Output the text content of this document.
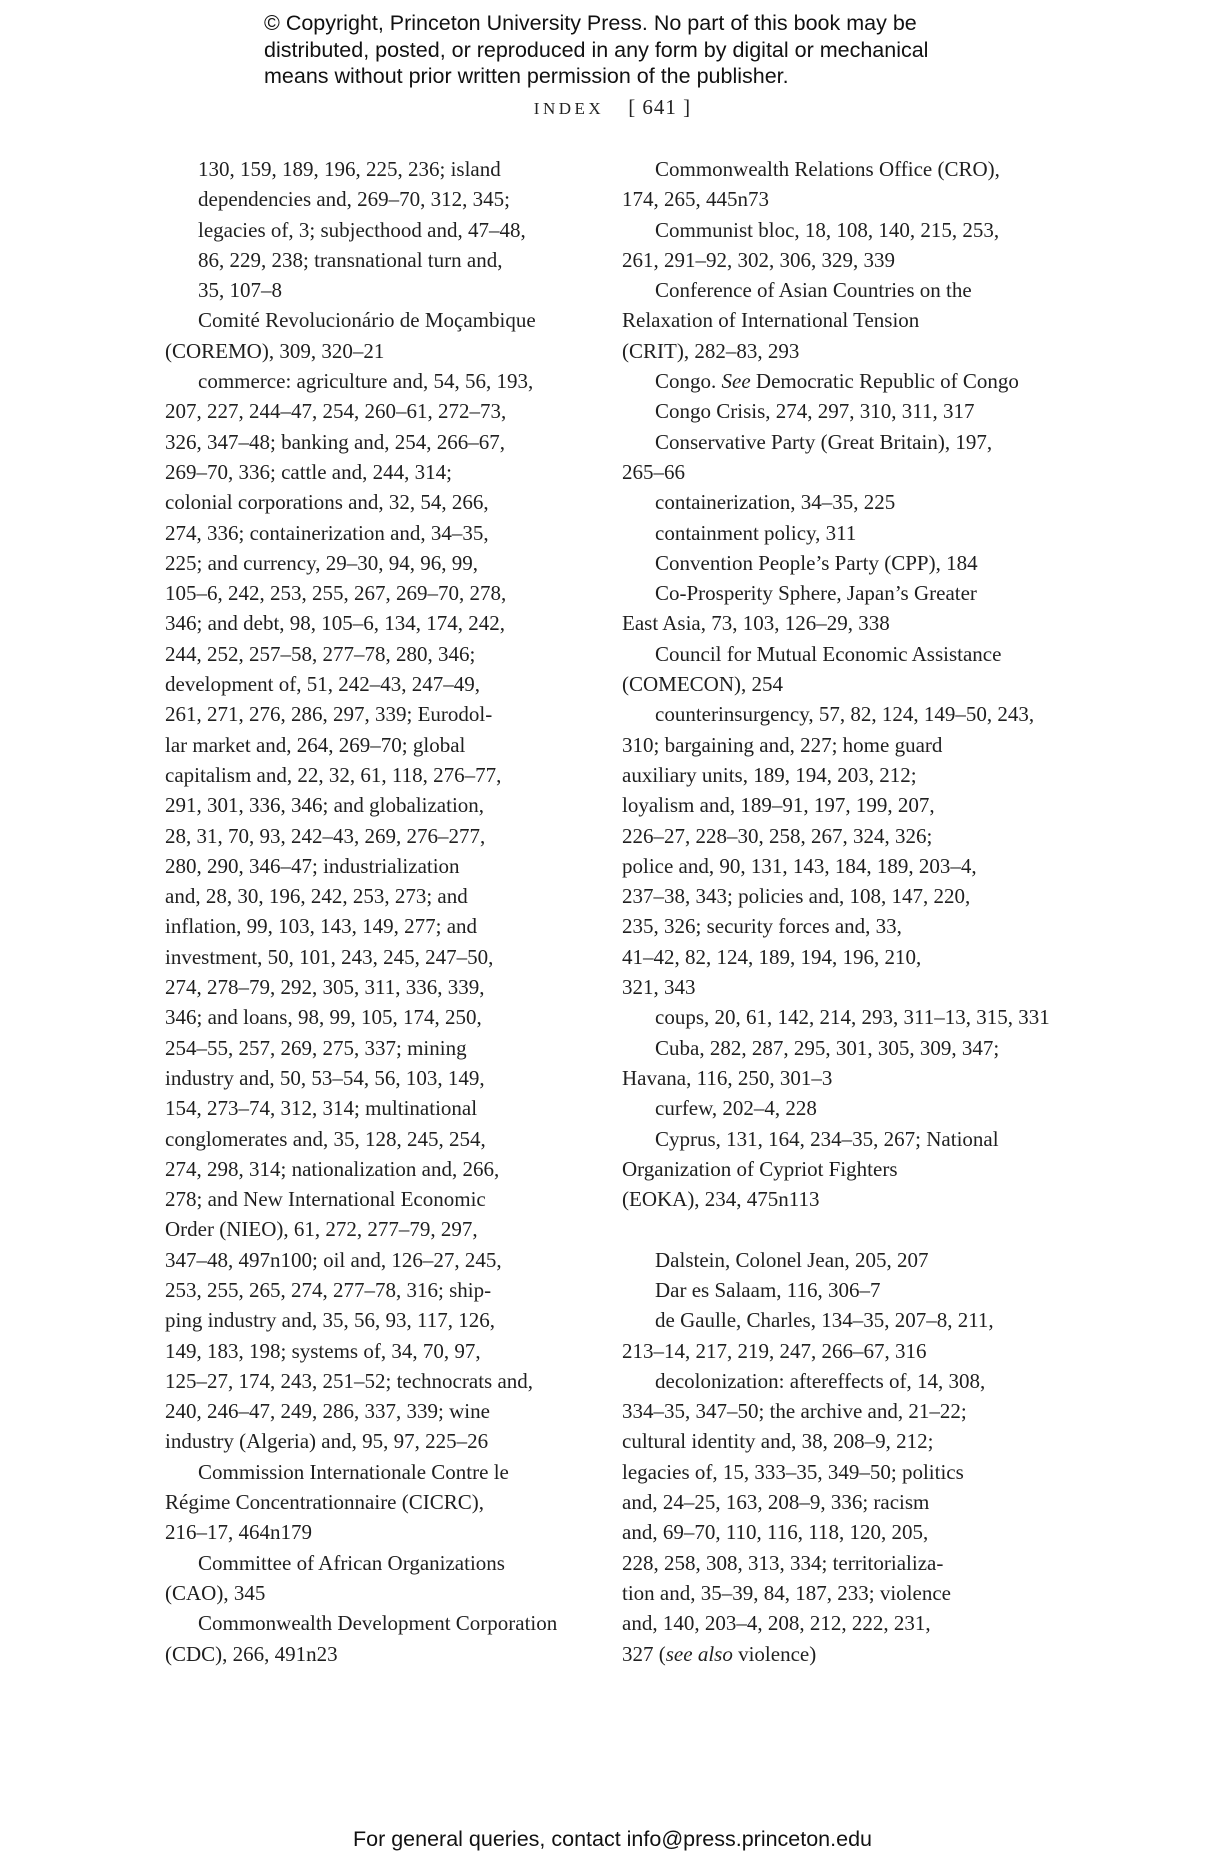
© Copyright, Princeton University Press. No part of this book may be
distributed, posted, or reproduced in any form by digital or mechanical
means without prior written permission of the publisher.
INDEX [ 641 ]
130, 159, 189, 196, 225, 236; island
dependencies and, 269–70, 312, 345;
legacies of, 3; subjecthood and, 47–48,
86, 229, 238; transnational turn and,
35, 107–8
Comité Revolucionário de Moçambique
(COREMO), 309, 320–21
commerce: agriculture and, 54, 56, 193,
207, 227, 244–47, 254, 260–61, 272–73,
326, 347–48; banking and, 254, 266–67,
269–70, 336; cattle and, 244, 314;
colonial corporations and, 32, 54, 266,
274, 336; containerization and, 34–35,
225; and currency, 29–30, 94, 96, 99,
105–6, 242, 253, 255, 267, 269–70, 278,
346; and debt, 98, 105–6, 134, 174, 242,
244, 252, 257–58, 277–78, 280, 346;
development of, 51, 242–43, 247–49,
261, 271, 276, 286, 297, 339; Eurodol-
lar market and, 264, 269–70; global
capitalism and, 22, 32, 61, 118, 276–77,
291, 301, 336, 346; and globalization,
28, 31, 70, 93, 242–43, 269, 276–277,
280, 290, 346–47; industrialization
and, 28, 30, 196, 242, 253, 273; and
inflation, 99, 103, 143, 149, 277; and
investment, 50, 101, 243, 245, 247–50,
274, 278–79, 292, 305, 311, 336, 339,
346; and loans, 98, 99, 105, 174, 250,
254–55, 257, 269, 275, 337; mining
industry and, 50, 53–54, 56, 103, 149,
154, 273–74, 312, 314; multinational
conglomerates and, 35, 128, 245, 254,
274, 298, 314; nationalization and, 266,
278; and New International Economic
Order (NIEO), 61, 272, 277–79, 297,
347–48, 497n100; oil and, 126–27, 245,
253, 255, 265, 274, 277–78, 316; ship-
ping industry and, 35, 56, 93, 117, 126,
149, 183, 198; systems of, 34, 70, 97,
125–27, 174, 243, 251–52; technocrats and,
240, 246–47, 249, 286, 337, 339; wine
industry (Algeria) and, 95, 97, 225–26
Commission Internationale Contre le
Régime Concentrationnaire (CICRC),
216–17, 464n179
Committee of African Organizations
(CAO), 345
Commonwealth Development Corporation
(CDC), 266, 491n23
Commonwealth Relations Office (CRO),
174, 265, 445n73
Communist bloc, 18, 108, 140, 215, 253,
261, 291–92, 302, 306, 329, 339
Conference of Asian Countries on the
Relaxation of International Tension
(CRIT), 282–83, 293
Congo. See Democratic Republic of Congo
Congo Crisis, 274, 297, 310, 311, 317
Conservative Party (Great Britain), 197,
265–66
containerization, 34–35, 225
containment policy, 311
Convention People’s Party (CPP), 184
Co-Prosperity Sphere, Japan’s Greater
East Asia, 73, 103, 126–29, 338
Council for Mutual Economic Assistance
(COMECON), 254
counterinsurgency, 57, 82, 124, 149–50, 243,
310; bargaining and, 227; home guard
auxiliary units, 189, 194, 203, 212;
loyalism and, 189–91, 197, 199, 207,
226–27, 228–30, 258, 267, 324, 326;
police and, 90, 131, 143, 184, 189, 203–4,
237–38, 343; policies and, 108, 147, 220,
235, 326; security forces and, 33,
41–42, 82, 124, 189, 194, 196, 210,
321, 343
coups, 20, 61, 142, 214, 293, 311–13, 315, 331
Cuba, 282, 287, 295, 301, 305, 309, 347;
Havana, 116, 250, 301–3
curfew, 202–4, 228
Cyprus, 131, 164, 234–35, 267; National
Organization of Cypriot Fighters
(EOKA), 234, 475n113
Dalstein, Colonel Jean, 205, 207
Dar es Salaam, 116, 306–7
de Gaulle, Charles, 134–35, 207–8, 211,
213–14, 217, 219, 247, 266–67, 316
decolonization: aftereffects of, 14, 308,
334–35, 347–50; the archive and, 21–22;
cultural identity and, 38, 208–9, 212;
legacies of, 15, 333–35, 349–50; politics
and, 24–25, 163, 208–9, 336; racism
and, 69–70, 110, 116, 118, 120, 205,
228, 258, 308, 313, 334; territorializa-
tion and, 35–39, 84, 187, 233; violence
and, 140, 203–4, 208, 212, 222, 231,
327 (see also violence)
For general queries, contact info@press.princeton.edu
